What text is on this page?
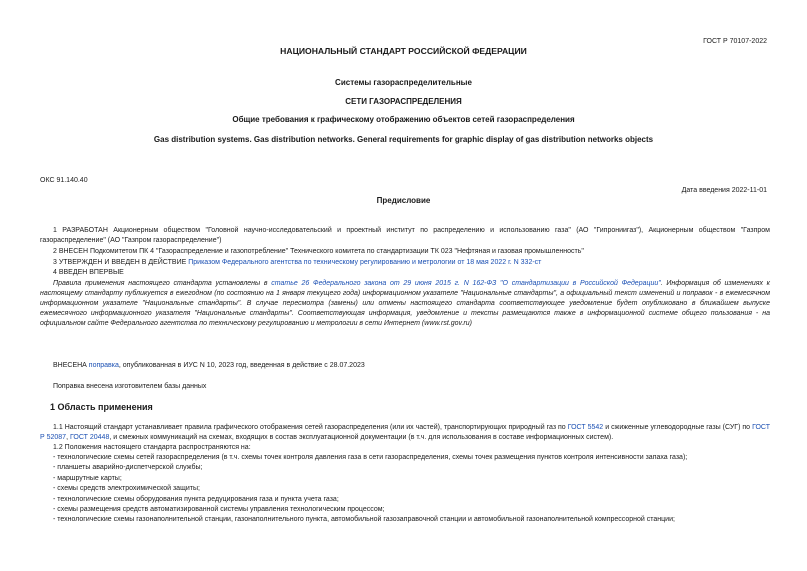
ГОСТ Р 70107-2022
НАЦИОНАЛЬНЫЙ СТАНДАРТ РОССИЙСКОЙ ФЕДЕРАЦИИ
Системы газораспределительные
СЕТИ ГАЗОРАСПРЕДЕЛЕНИЯ
Общие требования к графическому отображению объектов сетей газораспределения
Gas distribution systems. Gas distribution networks. General requirements for graphic display of gas distribution networks objects
ОКС 91.140.40
Дата введения 2022-11-01
Предисловие
1 РАЗРАБОТАН Акционерным обществом "Головной научно-исследовательский и проектный институт по распределению и использованию газа" (АО "Гипрониигаз"), Акционерным обществом "Газпром газораспределение" (АО "Газпром газораспределение")
2 ВНЕСЕН Подкомитетом ПК 4 "Газораспределение и газопотребление" Технического комитета по стандартизации ТК 023 "Нефтяная и газовая промышленность"
3 УТВЕРЖДЕН И ВВЕДЕН В ДЕЙСТВИЕ Приказом Федерального агентства по техническому регулированию и метрологии от 18 мая 2022 г. N 332-ст
4 ВВЕДЕН ВПЕРВЫЕ
Правила применения настоящего стандарта установлены в статье 26 Федерального закона от 29 июня 2015 г. N 162-ФЗ "О стандартизации в Российской Федерации". Информация об изменениях к настоящему стандарту публикуется в ежегодном (по состоянию на 1 января текущего года) информационном указателе "Национальные стандарты", а официальный текст изменений и поправок - в ежемесячном информационном указателе "Национальные стандарты". В случае пересмотра (замены) или отмены настоящего стандарта соответствующее уведомление будет опубликовано в ближайшем выпуске ежемесячного информационного указателя "Национальные стандарты". Соответствующая информация, уведомление и тексты размещаются также в информационной системе общего пользования - на официальном сайте Федерального агентства по техническому регулированию и метрологии в сети Интернет (www.rst.gov.ru)
ВНЕСЕНА поправка, опубликованная в ИУС N 10, 2023 год, введенная в действие с 28.07.2023
Поправка внесена изготовителем базы данных
1 Область применения
1.1 Настоящий стандарт устанавливает правила графического отображения сетей газораспределения (или их частей), транспортирующих природный газ по ГОСТ 5542 и сжиженные углеводородные газы (СУГ) по ГОСТ Р 52087, ГОСТ 20448, и смежных коммуникаций на схемах, входящих в состав эксплуатационной документации (в т.ч. для использования в составе информационных систем).
1.2 Положения настоящего стандарта распространяются на:
- технологические схемы сетей газораспределения (в т.ч. схемы точек контроля давления газа в сети газораспределения, схемы точек размещения пунктов контроля интенсивности запаха газа);
- планшеты аварийно-диспетчерской службы;
- маршрутные карты;
- схемы средств электрохимической защиты;
- технологические схемы оборудования пункта редуцирования газа и пункта учета газа;
- схемы размещения средств автоматизированной системы управления технологическим процессом;
- технологические схемы газонаполнительной станции, газонаполнительного пункта, автомобильной газозаправочной станции и автомобильной газонаполнительной компрессорной станции;
